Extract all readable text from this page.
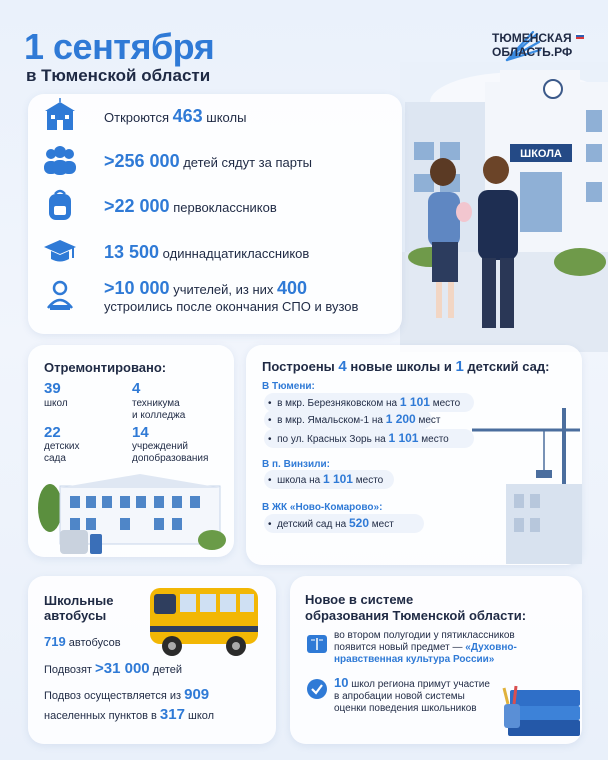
1 сентября
в Тюменской области
ТЮМЕНСКАЯ
ОБЛАСТЬ.РФ
ШКОЛА
Откроются 463 школы
>256 000 детей сядут за парты
>22 000 первоклассников
13 500 одиннадцатиклассников
>10 000 учителей, из них 400
устроились после окончания СПО и вузов
Отремонтировано:
39
школ
4
техникума
и колледжа
22
детских
сада
14
учреждений
допобразования
Построены 4 новые школы и 1 детский сад:
В Тюмени:
•  в мкр. Березняковском на 1 101 место
•  в мкр. Ямальском-1 на 1 200 мест
•  по ул. Красных Зорь на 1 101 место
В п. Винзили:
•  школа на 1 101 место
В ЖК «Ново-Комарово»:
•  детский сад на 520 мест
Школьные
автобусы
719 автобусов
Подвозят >31 000 детей
Подвоз осуществляется из 909
населенных пунктов в 317 школ
Новое в системе
образования Тюменской области:
во втором полугодии у пятиклассников
появится новый предмет — «Духовно-
нравственная культура России»
10 школ региона примут участие
в апробации новой системы
оценки поведения школьников
